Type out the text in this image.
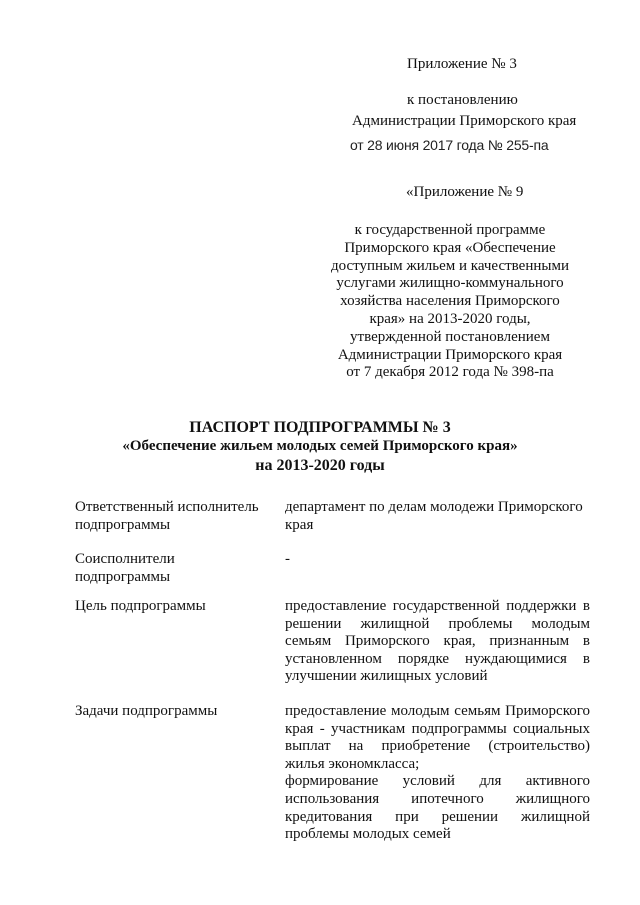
Приложение № 3
к постановлению
Администрации Приморского края
от 28 июня 2017 года № 255-па
«Приложение № 9
к государственной программе
Приморского края «Обеспечение
доступным жильем и качественными
услугами жилищно-коммунального
хозяйства населения Приморского
края» на 2013-2020 годы,
утвержденной постановлением
Администрации Приморского края
от 7 декабря 2012 года № 398-па
ПАСПОРТ ПОДПРОГРАММЫ № 3
«Обеспечение жильем молодых семей Приморского края»
на 2013-2020 годы
Ответственный исполнитель
подпрограммы
департамент по делам молодежи Приморского
края
Соисполнители
подпрограммы
-
Цель подпрограммы	предоставление государственной поддержки в
решении жилищной проблемы молодым
семьям Приморского края, признанным в
установленном порядке нуждающимися в
улучшении жилищных условий
Задачи подпрограммы	предоставление молодым семьям Приморского
края - участникам подпрограммы социальных
выплат на приобретение (строительство)
жилья экономкласса;
формирование условий для активного
использования ипотечного жилищного
кредитования при решении жилищной
проблемы молодых семей
